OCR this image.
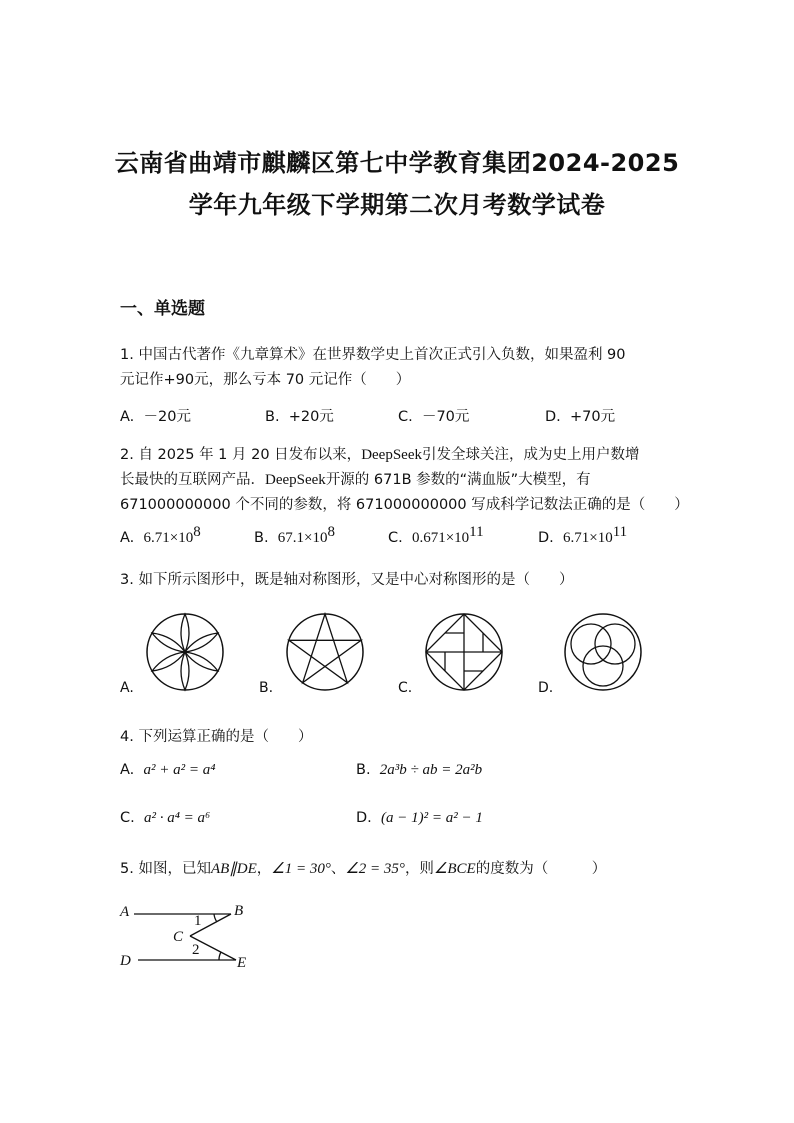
云南省曲靖市麒麟区第七中学教育集团2024-2025
学年九年级下学期第二次月考数学试卷
一、单选题
1. 中国古代著作《九章算术》在世界数学史上首次正式引入负数，如果盈利 90
元记作+90元，那么亏本 70 元记作（　　）
A. －20元	B. +20元	C. －70元	D. +70元
2. 自 2025 年 1 月 20 日发布以来，DeepSeek引发全球关注，成为史上用户数增
长最快的互联网产品．DeepSeek开源的 671B 参数的“满血版”大模型，有
671000000000 个不同的参数，将 671000000000 写成科学记数法正确的是（　　）
A. $6.71\times 10^8$	B. $67.1\times 10^8$	C. $0.671\times 10^{11}$	D. $6.71\times 10^{11}$
3. 如下所示图形中，既是轴对称图形，又是中心对称图形的是（　　）
A.	B.	C.	D.
4. 下列运算正确的是（　　）
A. a² + a² = a⁴	B. 2a³b ÷ ab = 2a²b
C. a² · a⁴ = a⁶	D. (a − 1)² = a² − 1
5. 如图，已知AB∥DE，∠1 = 30°、∠2 = 35°，则∠BCE的度数为（　　　）
A	B
C
D	E
1
2
